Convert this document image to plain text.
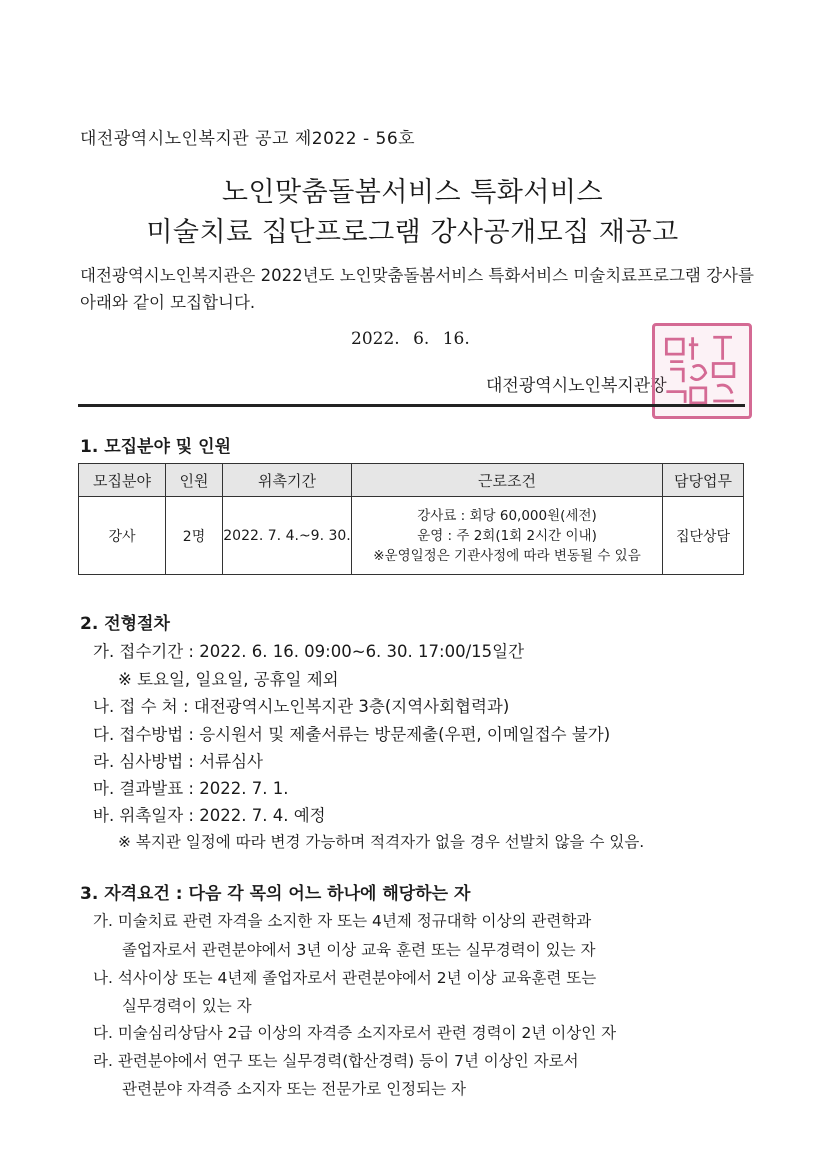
대전광역시노인복지관 공고 제2022 - 56호
노인맞춤돌봄서비스 특화서비스
미술치료 집단프로그램 강사공개모집 재공고
대전광역시노인복지관은 2022년도 노인맞춤돌봄서비스 특화서비스 미술치료프로그램 강사를 아래와 같이 모집합니다.
2022. 6. 16.
대전광역시노인복지관장
1. 모집분야 및 인원
모집분야	인원	위촉기간	근로조건	담당업무
강사	2명	2022. 7. 4.~9. 30.	강사료 : 회당 60,000원(세전)
운영 : 주 2회(1회 2시간 이내)
※운영일정은 기관사정에 따라 변동될 수 있음	집단상담
2. 전형절차
가. 접수기간 : 2022. 6. 16. 09:00~6. 30. 17:00/15일간
※ 토요일, 일요일, 공휴일 제외
나. 접 수 처 : 대전광역시노인복지관 3층(지역사회협력과)
다. 접수방법 : 응시원서 및 제출서류는 방문제출(우편, 이메일접수 불가)
라. 심사방법 : 서류심사
마. 결과발표 : 2022. 7. 1.
바. 위촉일자 : 2022. 7. 4. 예정
※ 복지관 일정에 따라 변경 가능하며 적격자가 없을 경우 선발치 않을 수 있음.
3. 자격요건 : 다음 각 목의 어느 하나에 해당하는 자
가. 미술치료 관련 자격을 소지한 자 또는 4년제 정규대학 이상의 관련학과
졸업자로서 관련분야에서 3년 이상 교육 훈련 또는 실무경력이 있는 자
나. 석사이상 또는 4년제 졸업자로서 관련분야에서 2년 이상 교육훈련 또는
실무경력이 있는 자
다. 미술심리상담사 2급 이상의 자격증 소지자로서 관련 경력이 2년 이상인 자
라. 관련분야에서 연구 또는 실무경력(합산경력) 등이 7년 이상인 자로서
관련분야 자격증 소지자 또는 전문가로 인정되는 자
